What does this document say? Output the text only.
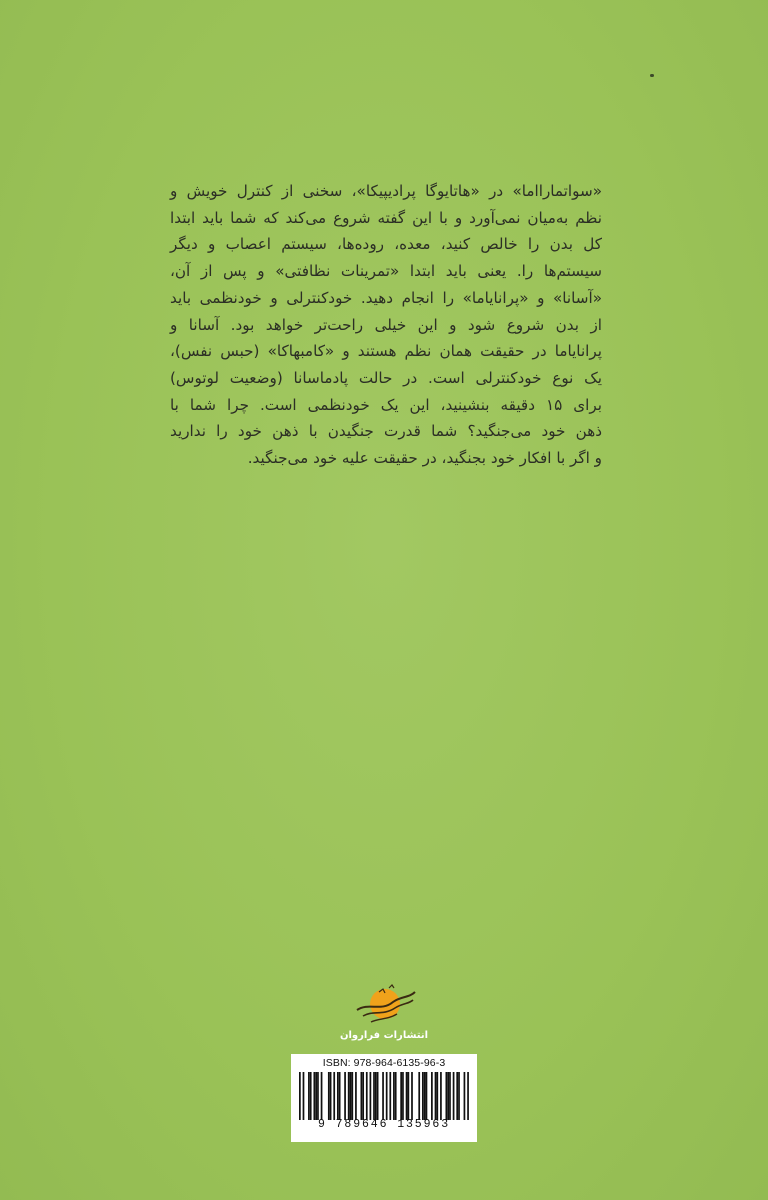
«سواتمارااما» در «هاتایوگا پرادیپیکا»، سخنی از کنترل خویش و
نظم به‌میان نمی‌آورد و با این گفته شروع می‌کند که شما باید ابتدا
کل بدن را خالص کنید، معده، روده‌ها، سیستم اعصاب و دیگر
سیستم‌ها را. یعنی باید ابتدا «تمرینات نظافتی» و پس از آن،
«آسانا» و «پرانایاما» را انجام دهید. خودکنترلی و خودنظمی باید
از بدن شروع شود و این خیلی راحت‌تر خواهد بود. آسانا و
پرانایاما در حقیقت همان نظم هستند و «کامبهاکا» (حبس نفس)،
یک نوع خودکنترلی است. در حالت پادماسانا (وضعیت لوتوس)
برای ۱۵ دقیقه بنشینید، این یک خودنظمی است. چرا شما با
ذهن خود می‌جنگید؟ شما قدرت جنگیدن با ذهن خود را ندارید
و اگر با افکار خود بجنگید، در حقیقت علیه خود می‌جنگید.
انتشارات فراروان
ISBN: 978-964-6135-96-3
9 789646 135963
